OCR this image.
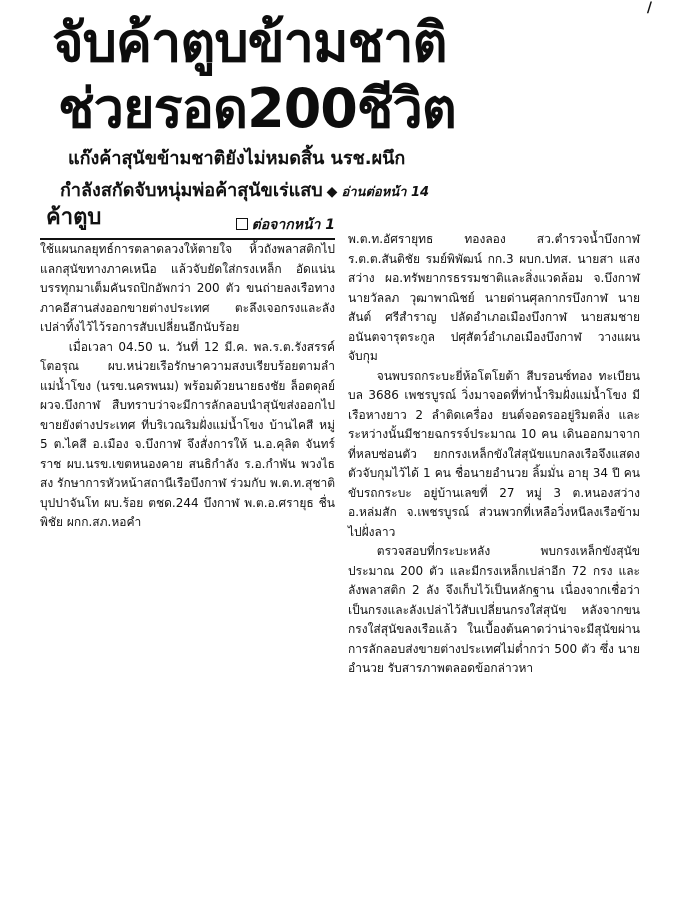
/
จับค้าตูบข้ามชาติ
ช่วยรอด200ชีวิต
แก๊งค้าสุนัขข้ามชาติยังไม่หมดสิ้น นรช.ผนึก
กำลังสกัดจับหนุ่มพ่อค้าสุนัขเร่แสบ ◆ อ่านต่อหน้า 14
ค้าตูบ	ต่อจากหน้า 1

ใช้แผนกลยุทธ์การตลาดลวงให้ตายใจ หิ้วถังพลาสติกไปแลกสุนัขทางภาคเหนือ แล้วจับยัดใส่กรงเหล็ก อัดแน่นบรรทุกมาเต็มคันรถปิกอัพกว่า 200 ตัว ขนถ่ายลงเรือทางภาคอีสานส่งออกขายต่างประเทศ ตะลึงเจอกรงและลังเปล่าทิ้งไว้ไว้รอการสับเปลี่ยนอีกนับร้อย

เมื่อเวลา 04.50 น. วันที่ 12 มี.ค. พล.ร.ต.รังสรรค์ โตอรุณ ผบ.หน่วยเรือรักษาความสงบเรียบร้อยตามลำแม่น้ำโขง (นรข.นครพนม) พร้อมด้วยนายธงชัย ล็อตดุลย์ ผวจ.บึงกาฬ สืบทราบว่าจะมีการลักลอบนำสุนัขส่งออกไปขายยังต่างประเทศ ที่บริเวณริมฝั่งแม่น้ำโขง บ้านไคสี หมู่ 5 ต.ไคสี อ.เมือง จ.บึงกาฬ จึงสั่งการให้ น.อ.คุลิต จันทร์ราช ผบ.นรข.เขตหนองคาย สนธิกำลัง ร.อ.กำพัน พวงไธสง รักษาการหัวหน้าสถานีเรือบึงกาฬ ร่วมกับ พ.ต.ท.สุชาติ บุปปาจันโท ผบ.ร้อย ตชด.244 บึงกาฬ พ.ต.อ.ศรายุธ ชื่นพิชัย ผกก.สภ.หอคำ

พ.ต.ท.อัศรายุทธ ทองลอง สว.ตำรวจน้ำบึงกาฬ ร.ต.ต.สันติชัย รมย์พิพัฒน์ กก.3 ผบก.ปทส. นายสา แสงสว่าง ผอ.ทรัพยากรธรรมชาติและสิ่งแวดล้อม จ.บึงกาฬ นายวัลลภ วุฒาพาณิชย์ นายด่านศุลกากรบึงกาฬ นายสันต์ ศรีสำราญ ปลัดอำเภอเมืองบึงกาฬ นายสมชาย อนันตจารุตระกูล ปศุสัตว์อำเภอเมืองบึงกาฬ วางแผนจับกุม

จนพบรถกระบะยี่ห้อโตโยต้า สีบรอนซ์ทอง ทะเบียน บล 3686 เพชรบูรณ์ วิ่งมาจอดที่ท่าน้ำริมฝั่งแม่น้ำโขง มีเรือหางยาว 2 ลำติดเครื่อง ยนต์จอดรออยู่ริมตลิ่ง และระหว่างนั้นมีชายฉกรรจ์ประมาณ 10 คน เดินออกมาจากที่หลบซ่อนตัว ยกกรงเหล็กขังใส่สุนัขแบกลงเรือจึงแสดงตัวจับกุมไว้ได้ 1 คน ชื่อนายอำนวย ลิ้มมั่น อายุ 34 ปี คนขับรถกระบะ อยู่บ้านเลขที่ 27 หมู่ 3 ต.หนองสว่าง อ.หล่มสัก จ.เพชรบูรณ์ ส่วนพวกที่เหลือวิ่งหนีลงเรือข้ามไปฝั่งลาว

ตรวจสอบที่กระบะหลัง พบกรงเหล็กขังสุนัข ประมาณ 200 ตัว และมีกรงเหล็กเปล่าอีก 72 กรง และลังพลาสติก 2 ลัง จึงเก็บไว้เป็นหลักฐาน เนื่องจากเชื่อว่าเป็นกรงและลังเปล่าไว้สับเปลี่ยนกรงใส่สุนัข หลังจากขนกรงใส่สุนัขลงเรือแล้ว ในเบื้องต้นคาดว่าน่าจะมีสุนัขผ่านการลักลอบส่งขายต่างประเทศไม่ต่ำกว่า 500 ตัว ซึ่ง นายอำนวย รับสารภาพตลอดข้อกล่าวหา
